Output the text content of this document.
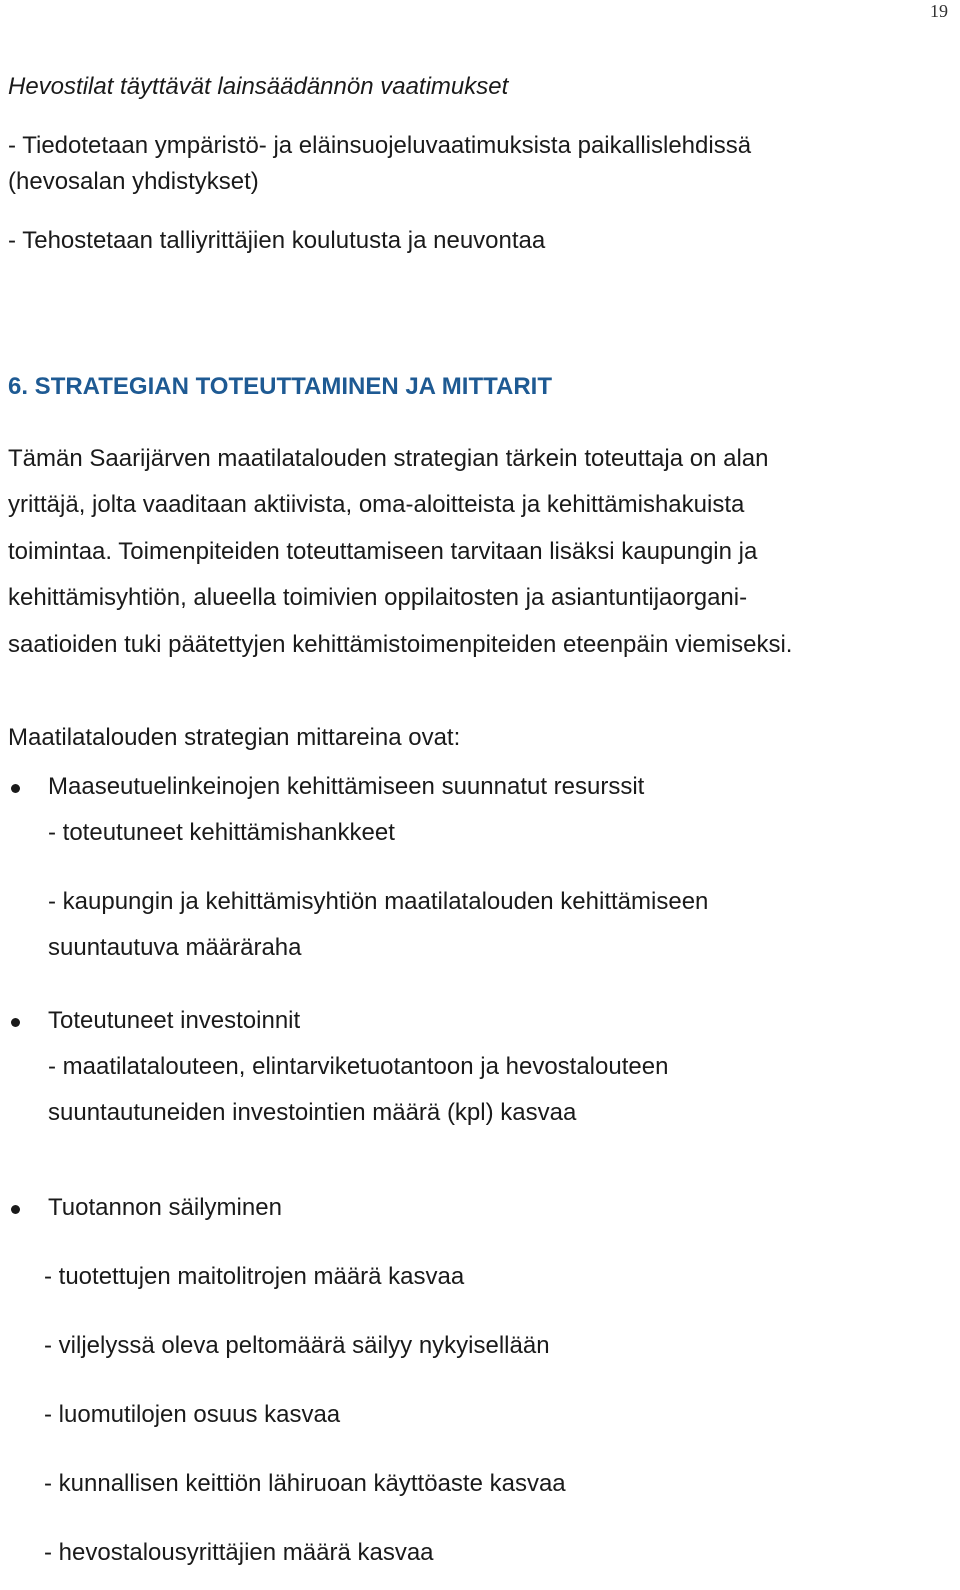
19

Hevostilat täyttävät lainsäädännön vaatimukset

- Tiedotetaan ympäristö- ja eläinsuojeluvaatimuksista paikallislehdissä

(hevosalan yhdistykset)

- Tehostetaan talliyrittäjien koulutusta ja neuvontaa

6. STRATEGIAN TOTEUTTAMINEN JA MITTARIT

Tämän Saarijärven maatilatalouden strategian tärkein toteuttaja on alan

yrittäjä, jolta vaaditaan aktiivista, oma-aloitteista ja kehittämishakuista

toimintaa. Toimenpiteiden toteuttamiseen tarvitaan lisäksi kaupungin ja

kehittämisyhtiön, alueella toimivien oppilaitosten ja asiantuntijaorgani-

saatioiden tuki päätettyjen kehittämistoimenpiteiden eteenpäin viemiseksi.

Maatilatalouden strategian mittareina ovat:

Maaseutuelinkeinojen kehittämiseen suunnatut resurssit

- toteutuneet kehittämishankkeet

- kaupungin ja kehittämisyhtiön maatilatalouden kehittämiseen

suuntautuva määräraha

Toteutuneet investoinnit

- maatilatalouteen, elintarviketuotantoon ja hevostalouteen

suuntautuneiden investointien määrä (kpl) kasvaa

Tuotannon säilyminen

- tuotettujen maitolitrojen määrä kasvaa

- viljelyssä oleva peltomäärä säilyy nykyisellään

- luomutilojen osuus kasvaa

- kunnallisen keittiön lähiruoan käyttöaste kasvaa

- hevostalousyrittäjien määrä kasvaa
